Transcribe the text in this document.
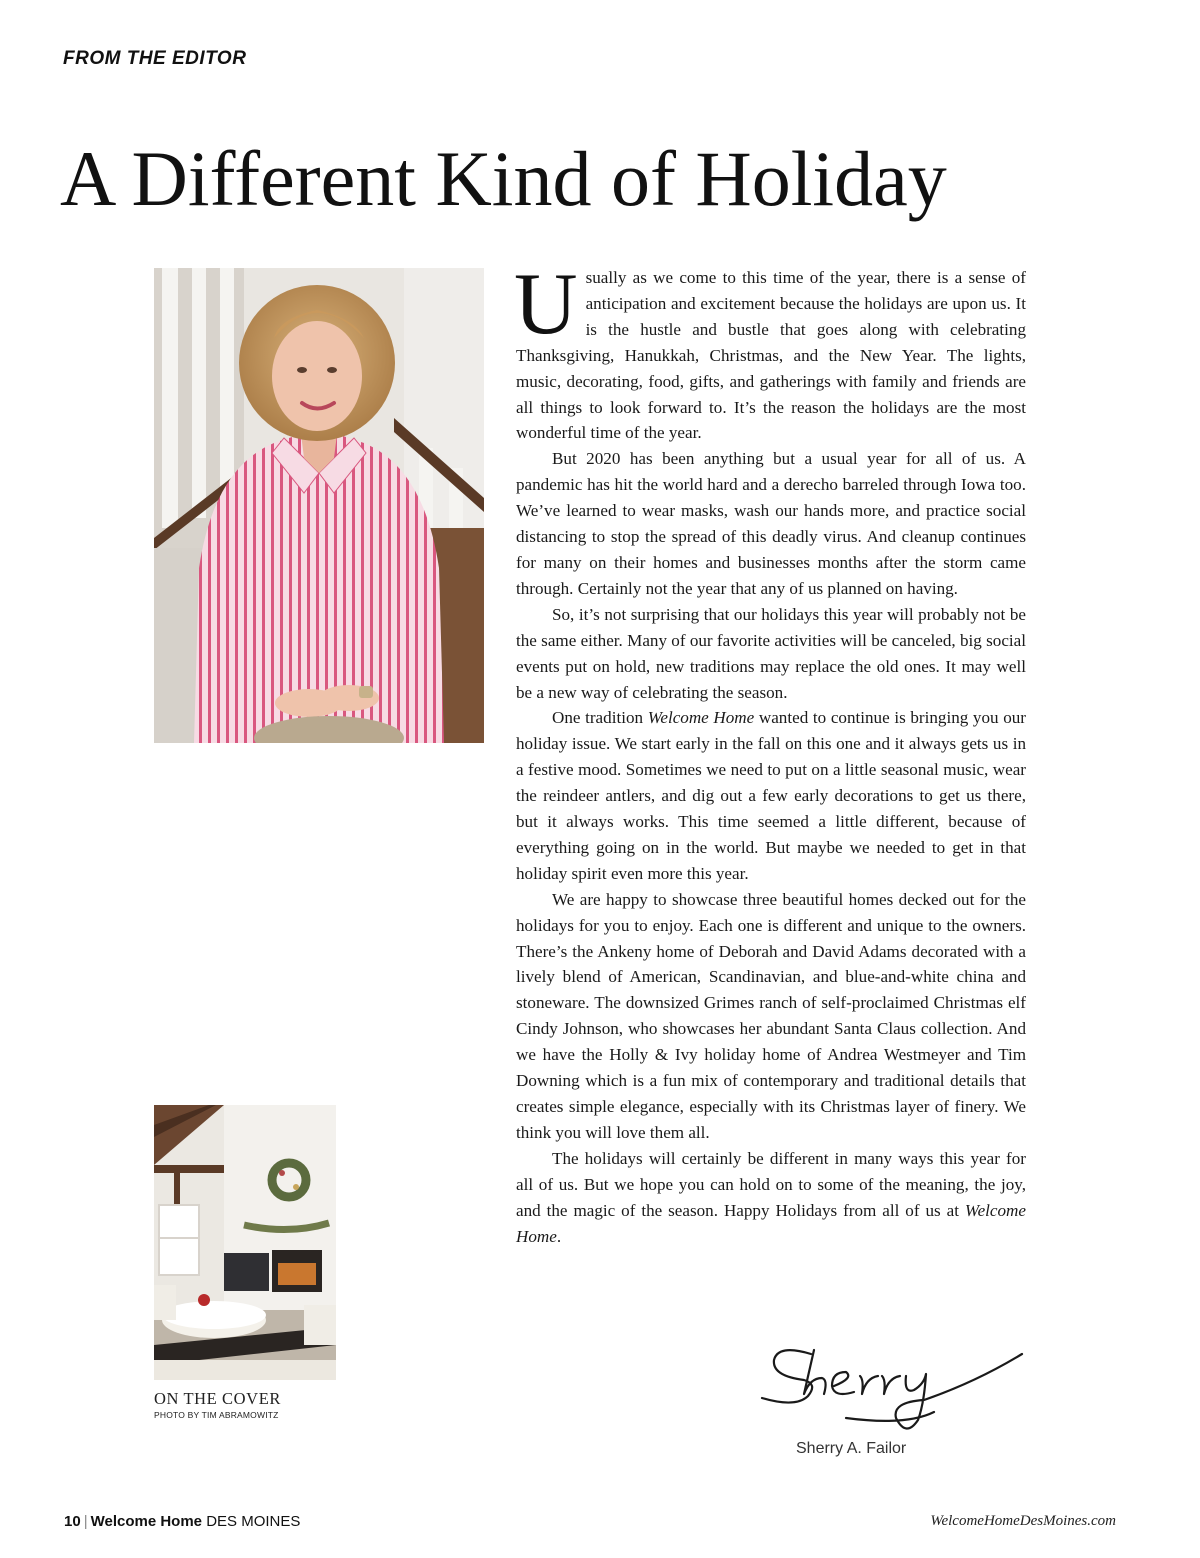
FROM THE EDITOR
A Different Kind of Holiday

Usually as we come to this time of the year, there is a sense of anticipation and excitement because the holidays are upon us. It is the hustle and bustle that goes along with celebrating Thanksgiving, Hanukkah, Christmas, and the New Year. The lights, music, decorating, food, gifts, and gatherings with family and friends are all things to look forward to. It’s the reason the holidays are the most wonderful time of the year.

But 2020 has been anything but a usual year for all of us. A pandemic has hit the world hard and a derecho barreled through Iowa too. We’ve learned to wear masks, wash our hands more, and practice social distancing to stop the spread of this deadly virus. And cleanup continues for many on their homes and businesses months after the storm came through. Certainly not the year that any of us planned on having.

So, it’s not surprising that our holidays this year will probably not be the same either. Many of our favorite activities will be canceled, big social events put on hold, new traditions may replace the old ones. It may well be a new way of celebrating the season.

One tradition Welcome Home wanted to continue is bringing you our holiday issue. We start early in the fall on this one and it always gets us in a festive mood. Sometimes we need to put on a little seasonal music, wear the reindeer antlers, and dig out a few early decorations to get us there, but it always works. This time seemed a little different, because of everything going on in the world. But maybe we needed to get in that holiday spirit even more this year.

We are happy to showcase three beautiful homes decked out for the holidays for you to enjoy. Each one is different and unique to the owners. There’s the Ankeny home of Deborah and David Adams decorated with a lively blend of American, Scandinavian, and blue-and-white china and stoneware. The downsized Grimes ranch of self-proclaimed Christmas elf Cindy Johnson, who showcases her abundant Santa Claus collection. And we have the Holly & Ivy holiday home of Andrea Westmeyer and Tim Downing which is a fun mix of contemporary and traditional details that creates simple elegance, especially with its Christmas layer of finery. We think you will love them all.

The holidays will certainly be different in many ways this year for all of us. But we hope you can hold on to some of the meaning, the joy, and the magic of the season. Happy Holidays from all of us at Welcome Home.

ON THE COVER
PHOTO BY TIM ABRAMOWITZ
Sherry A. Failor
10 | Welcome Home DES MOINES	WelcomeHomeDesMoines.com
